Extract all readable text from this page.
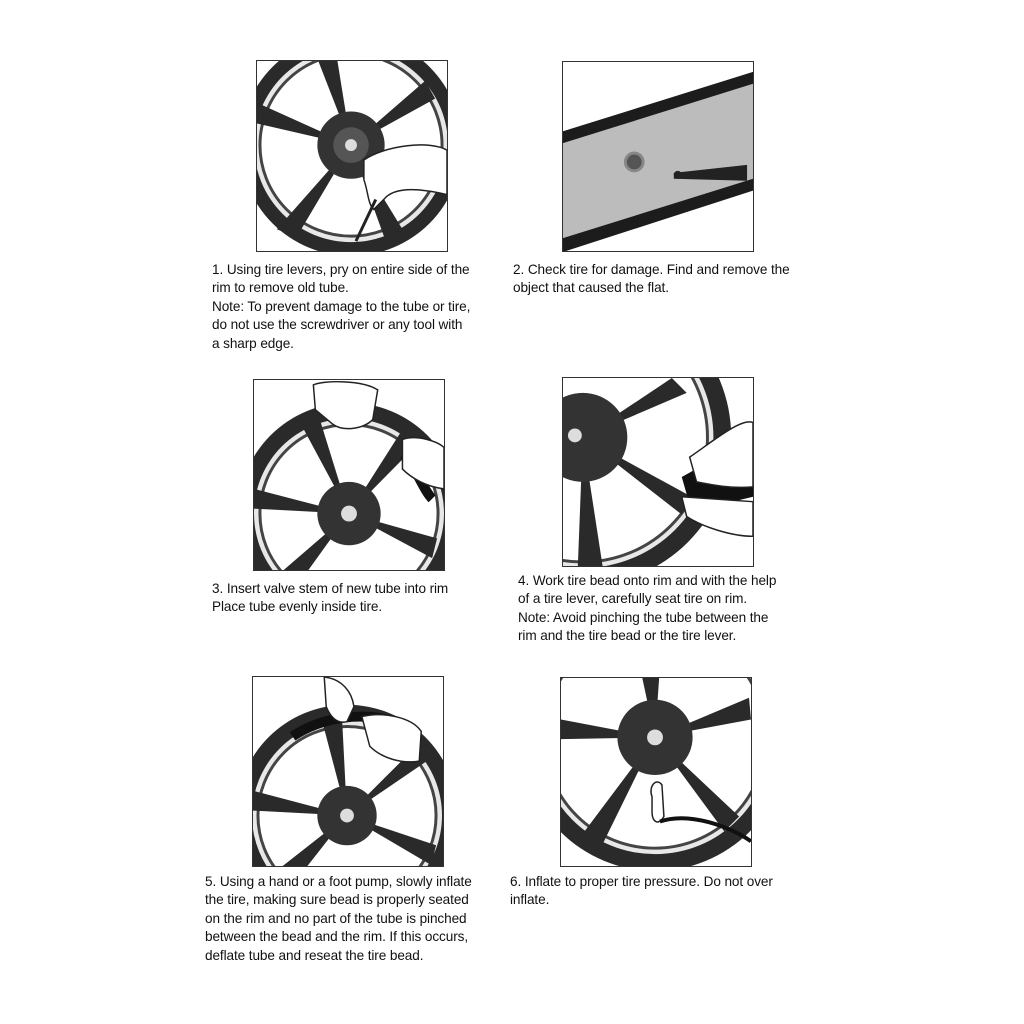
1. Using tire levers, pry on entire side of the
rim to remove old tube.

Note: To prevent damage to the tube or tire,
do not use the screwdriver or any tool with
a sharp edge.

2. Check tire for damage. Find and remove the
object that caused the flat.

3. Insert valve stem of new tube into rim
Place tube evenly inside tire.

4. Work tire bead onto rim and with the help
of a tire lever, carefully seat tire on rim.

Note: Avoid pinching the tube between the
rim and the tire bead or the tire lever.

5. Using a hand or a foot pump, slowly inflate
the tire, making sure bead is properly seated
on the rim and no part of the tube is pinched
between the bead and the rim. If this occurs,
deflate tube and reseat the tire bead.

6. Inflate to proper tire pressure. Do not over
inflate.
